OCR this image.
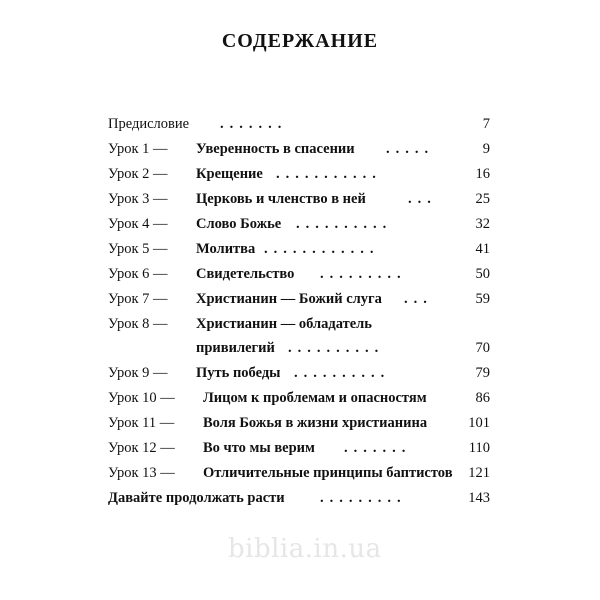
СОДЕРЖАНИЕ
Предисловие .......	7
Урок 1 — Уверенность в спасении .....	9
Урок 2 — Крещение ...........	16
Урок 3 — Церковь и членство в ней	...	25
Урок 4 — Слово Божье ..........	32
Урок 5 — Молитва ............	41
Урок 6 — Свидетельство .........	50
Урок 7 — Христианин — Божий слуга ...	59
Урок 8 — Христианин — обладатель
привилегий ..........	70
Урок 9 — Путь победы ..........	79
Урок 10 — Лицом к проблемам и опасностям	86
Урок 11 — Воля Божья в жизни христианина	101
Урок 12 — Во что мы верим .......	110
Урок 13 — Отличительные принципы баптистов 121
Давайте продолжать расти .........	143
biblia.in.ua
